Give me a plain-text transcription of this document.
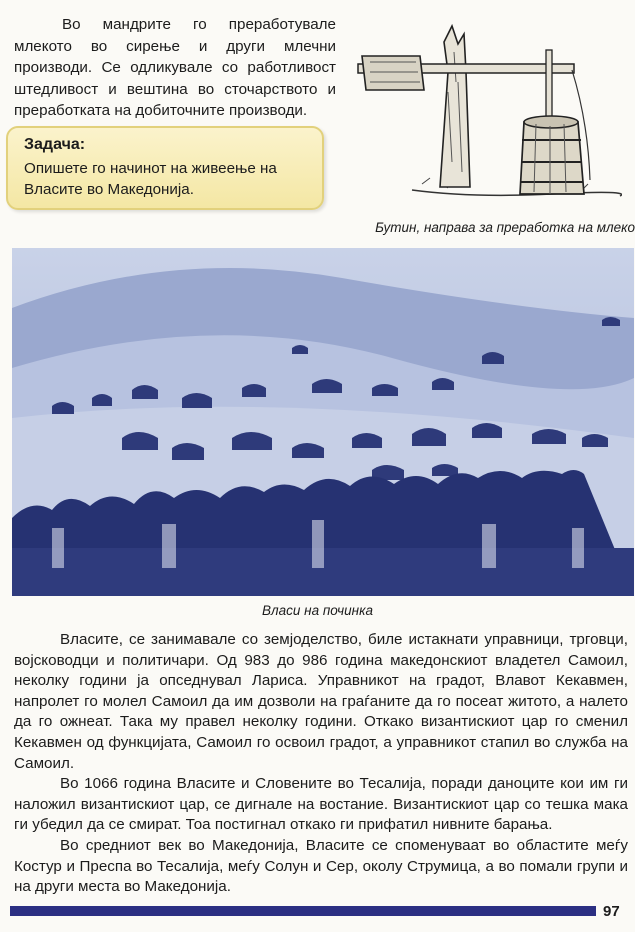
Во мандрите го преработувале млекото во сирење и други млечни производи. Се одликувале со работливост штедливост и вештина во сточарството и преработката на добиточните производи.

Задача:

Опишете го начинот на живеење на Власите во Македонија.

Бутин, направа за преработка на млеко
Власи на починка

Власите, се занимавале со земјоделство, биле истакнати управници, трговци, војсководци и политичари. Од 983 до 986 година македонскиот владетел Самоил, неколку години ја опседнувал Лариса. Управникот на градот, Влавот Кекавмен, напролет го молел Самоил да им дозволи на граѓаните да го посеат житото, а налето да го ожнеат. Така му правел неколку години. Откако византискиот цар го сменил Кекавмен од функцијата, Самоил го освоил градот, а управникот стапил во служба на Самоил.

Во 1066 година Власите и Словените во Тесалија, поради даноците кои им ги наложил византискиот цар, се дигнале на востание. Византискиот цар со тешка мака ги убедил да се смират. Тоа постигнал откако ги прифатил нивните барања.

Во средниот век во Македонија, Власите се споменуваат во областите меѓу Костур и Преспа во Тесалија, меѓу Солун и Сер, околу Струмица, а во помали групи и на други места во Македонија.

97
